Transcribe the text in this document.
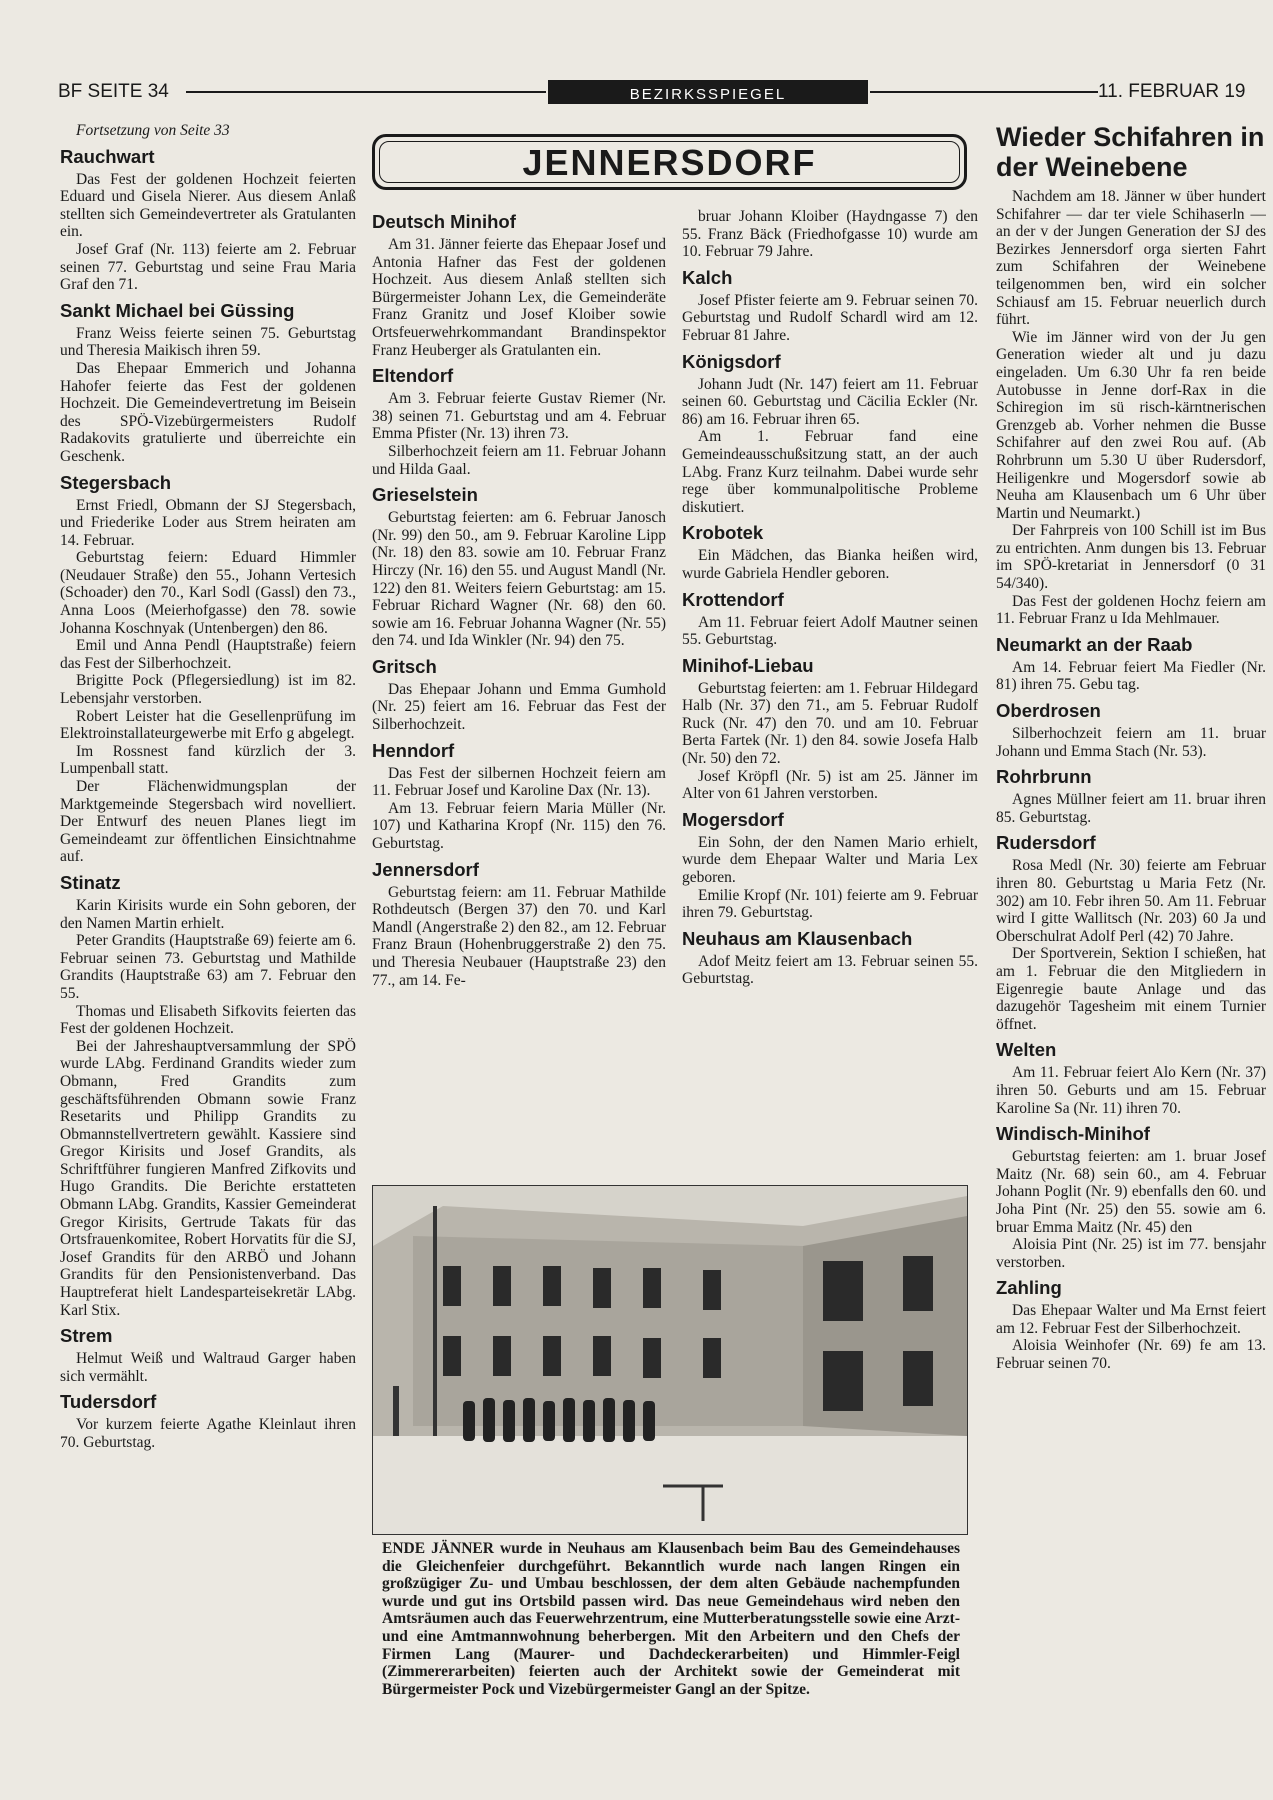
BF SEITE 34	BEZIRKSSPIEGEL	11. FEBRUAR 19

Fortsetzung von Seite 33

Rauchwart

Das Fest der goldenen Hochzeit feierten Eduard und Gisela Nierer. Aus diesem Anlaß stellten sich Gemeindevertreter als Gratulanten ein.

Josef Graf (Nr. 113) feierte am 2. Februar seinen 77. Geburtstag und seine Frau Maria Graf den 71.

Sankt Michael bei Güssing

Franz Weiss feierte seinen 75. Geburtstag und Theresia Maikisch ihren 59.

Das Ehepaar Emmerich und Johanna Hahofer feierte das Fest der goldenen Hochzeit. Die Gemeindevertretung im Beisein des SPÖ-Vizebürgermeisters Rudolf Radakovits gratulierte und überreichte ein Geschenk.

Stegersbach

Ernst Friedl, Obmann der SJ Stegersbach, und Friederike Loder aus Strem heiraten am 14. Februar.

Geburtstag feiern: Eduard Himmler (Neudauer Straße) den 55., Johann Vertesich (Schoader) den 70., Karl Sodl (Gassl) den 73., Anna Loos (Meierhofgasse) den 78. sowie Johanna Koschnyak (Untenbergen) den 86.

Emil und Anna Pendl (Hauptstraße) feiern das Fest der Silberhochzeit.

Brigitte Pock (Pflegersiedlung) ist im 82. Lebensjahr verstorben.

Robert Leister hat die Gesellenprüfung im Elektroinstallateurgewerbe mit Erfo g abgelegt.

Im Rossnest fand kürzlich der 3. Lumpenball statt.

Der Flächenwidmungsplan der Marktgemeinde Stegersbach wird novelliert. Der Entwurf des neuen Planes liegt im Gemeindeamt zur öffentlichen Einsichtnahme auf.

Stinatz

Karin Kirisits wurde ein Sohn geboren, der den Namen Martin erhielt.

Peter Grandits (Hauptstraße 69) feierte am 6. Februar seinen 73. Geburtstag und Mathilde Grandits (Hauptstraße 63) am 7. Februar den 55.

Thomas und Elisabeth Sifkovits feierten das Fest der goldenen Hochzeit.

Bei der Jahreshauptversammlung der SPÖ wurde LAbg. Ferdinand Grandits wieder zum Obmann, Fred Grandits zum geschäftsführenden Obmann sowie Franz Resetarits und Philipp Grandits zu Obmannstellvertretern gewählt. Kassiere sind Gregor Kirisits und Josef Grandits, als Schriftführer fungieren Manfred Zifkovits und Hugo Grandits. Die Berichte erstatteten Obmann LAbg. Grandits, Kassier Gemeinderat Gregor Kirisits, Gertrude Takats für das Ortsfrauenkomitee, Robert Horvatits für die SJ, Josef Grandits für den ARBÖ und Johann Grandits für den Pensionistenverband. Das Hauptreferat hielt Landesparteisekretär LAbg. Karl Stix.

Strem

Helmut Weiß und Waltraud Garger haben sich vermählt.

Tudersdorf

Vor kurzem feierte Agathe Kleinlaut ihren 70. Geburtstag.

JENNERSDORF
Deutsch Minihof

Am 31. Jänner feierte das Ehepaar Josef und Antonia Hafner das Fest der goldenen Hochzeit. Aus diesem Anlaß stellten sich Bürgermeister Johann Lex, die Gemeinderäte Franz Granitz und Josef Kloiber sowie Ortsfeuerwehrkommandant Brandinspektor Franz Heuberger als Gratulanten ein.

Eltendorf

Am 3. Februar feierte Gustav Riemer (Nr. 38) seinen 71. Geburtstag und am 4. Februar Emma Pfister (Nr. 13) ihren 73.

Silberhochzeit feiern am 11. Februar Johann und Hilda Gaal.

Grieselstein

Geburtstag feierten: am 6. Februar Janosch (Nr. 99) den 50., am 9. Februar Karoline Lipp (Nr. 18) den 83. sowie am 10. Februar Franz Hirczy (Nr. 16) den 55. und August Mandl (Nr. 122) den 81. Weiters feiern Geburtstag: am 15. Februar Richard Wagner (Nr. 68) den 60. sowie am 16. Februar Johanna Wagner (Nr. 55) den 74. und Ida Winkler (Nr. 94) den 75.

Gritsch

Das Ehepaar Johann und Emma Gumhold (Nr. 25) feiert am 16. Februar das Fest der Silberhochzeit.

Henndorf

Das Fest der silbernen Hochzeit feiern am 11. Februar Josef und Karoline Dax (Nr. 13).

Am 13. Februar feiern Maria Müller (Nr. 107) und Katharina Kropf (Nr. 115) den 76. Geburtstag.

Jennersdorf

Geburtstag feiern: am 11. Februar Mathilde Rothdeutsch (Bergen 37) den 70. und Karl Mandl (Angerstraße 2) den 82., am 12. Februar Franz Braun (Hohenbruggerstraße 2) den 75. und Theresia Neubauer (Hauptstraße 23) den 77., am 14. Fe-

bruar Johann Kloiber (Haydngasse 7) den 55. Franz Bäck (Friedhofgasse 10) wurde am 10. Februar 79 Jahre.

Kalch

Josef Pfister feierte am 9. Februar seinen 70. Geburtstag und Rudolf Schardl wird am 12. Februar 81 Jahre.

Königsdorf

Johann Judt (Nr. 147) feiert am 11. Februar seinen 60. Geburtstag und Cäcilia Eckler (Nr. 86) am 16. Februar ihren 65.

Am 1. Februar fand eine Gemeindeausschußsitzung statt, an der auch LAbg. Franz Kurz teilnahm. Dabei wurde sehr rege über kommunalpolitische Probleme diskutiert.

Krobotek

Ein Mädchen, das Bianka heißen wird, wurde Gabriela Hendler geboren.

Krottendorf

Am 11. Februar feiert Adolf Mautner seinen 55. Geburtstag.

Minihof-Liebau

Geburtstag feierten: am 1. Februar Hildegard Halb (Nr. 37) den 71., am 5. Februar Rudolf Ruck (Nr. 47) den 70. und am 10. Februar Berta Fartek (Nr. 1) den 84. sowie Josefa Halb (Nr. 50) den 72.

Josef Kröpfl (Nr. 5) ist am 25. Jänner im Alter von 61 Jahren verstorben.

Mogersdorf

Ein Sohn, der den Namen Mario erhielt, wurde dem Ehepaar Walter und Maria Lex geboren.

Emilie Kropf (Nr. 101) feierte am 9. Februar ihren 79. Geburtstag.

Neuhaus am Klausenbach

Adof Meitz feiert am 13. Februar seinen 55. Geburtstag.

ENDE JÄNNER wurde in Neuhaus am Klausenbach beim Bau des Gemeindehauses die Gleichenfeier durchgeführt. Bekanntlich wurde nach langen Ringen ein großzügiger Zu- und Umbau beschlossen, der dem alten Gebäude nachempfunden wurde und gut ins Ortsbild passen wird. Das neue Gemeindehaus wird neben den Amtsräumen auch das Feuerwehrzentrum, eine Mutterberatungsstelle sowie eine Arzt- und eine Amtmannwohnung beherbergen. Mit den Arbeitern und den Chefs der Firmen Lang (Maurer- und Dachdeckerarbeiten) und Himmler-Feigl (Zimmererarbeiten) feierten auch der Architekt sowie der Gemeinderat mit Bürgermeister Pock und Vizebürgermeister Gangl an der Spitze.

Wieder Schifahren in der Weinebene

Nachdem am 18. Jänner w über hundert Schifahrer — dar ter viele Schihaserln — an der v der Jungen Generation der SJ des Bezirkes Jennersdorf orga sierten Fahrt zum Schifahren der Weinebene teilgenommen ben, wird ein solcher Schiausf am 15. Februar neuerlich durch führt.

Wie im Jänner wird von der Ju gen Generation wieder alt und ju dazu eingeladen. Um 6.30 Uhr fa ren beide Autobusse in Jenne dorf-Rax in die Schiregion im sü risch-kärntnerischen Grenzgeb ab. Vorher nehmen die Busse Schifahrer auf den zwei Rou auf. (Ab Rohrbrunn um 5.30 U über Rudersdorf, Heiligenkre und Mogersdorf sowie ab Neuha am Klausenbach um 6 Uhr über Martin und Neumarkt.)

Der Fahrpreis von 100 Schill ist im Bus zu entrichten. Anm dungen bis 13. Februar im SPÖ-kretariat in Jennersdorf (0 31 54/340).

Das Fest der goldenen Hochz feiern am 11. Februar Franz u Ida Mehlmauer.

Neumarkt an der Raab

Am 14. Februar feiert Ma Fiedler (Nr. 81) ihren 75. Gebu tag.

Oberdrosen

Silberhochzeit feiern am 11. bruar Johann und Emma Stach (Nr. 53).

Rohrbrunn

Agnes Müllner feiert am 11. bruar ihren 85. Geburtstag.

Rudersdorf

Rosa Medl (Nr. 30) feierte am Februar ihren 80. Geburtstag u Maria Fetz (Nr. 302) am 10. Febr ihren 50. Am 11. Februar wird I gitte Wallitsch (Nr. 203) 60 Ja und Oberschulrat Adolf Perl (42) 70 Jahre.

Der Sportverein, Sektion I schießen, hat am 1. Februar die den Mitgliedern in Eigenregie baute Anlage und das dazugehör Tagesheim mit einem Turnier öffnet.

Welten

Am 11. Februar feiert Alo Kern (Nr. 37) ihren 50. Geburts und am 15. Februar Karoline Sa (Nr. 11) ihren 70.

Windisch-Minihof

Geburtstag feierten: am 1. bruar Josef Maitz (Nr. 68) sein 60., am 4. Februar Johann Poglit (Nr. 9) ebenfalls den 60. und Joha Pint (Nr. 25) den 55. sowie am 6. bruar Emma Maitz (Nr. 45) den

Aloisia Pint (Nr. 25) ist im 77. bensjahr verstorben.

Zahling

Das Ehepaar Walter und Ma Ernst feiert am 12. Februar Fest der Silberhochzeit.

Aloisia Weinhofer (Nr. 69) fe am 13. Februar seinen 70.
